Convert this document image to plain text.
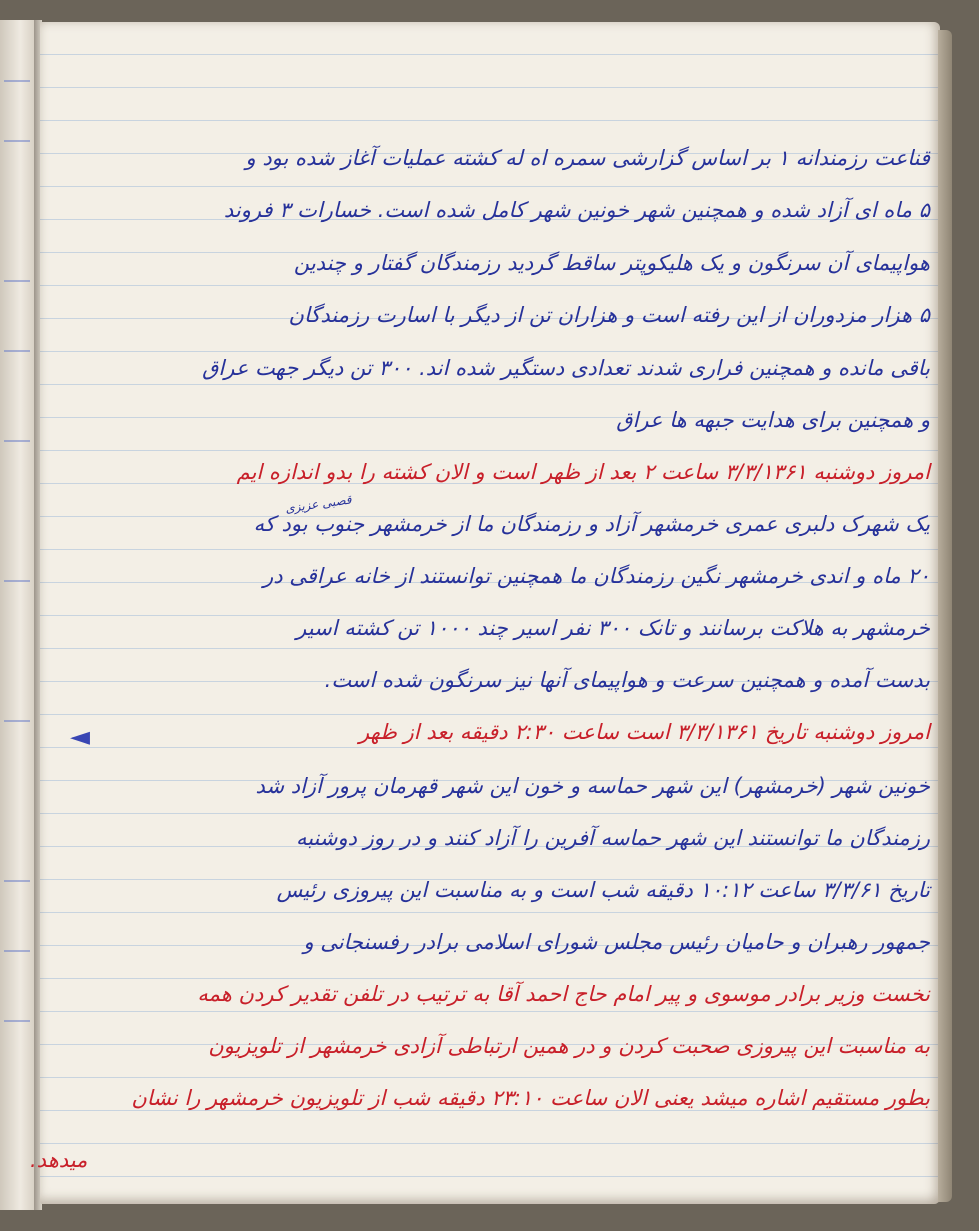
قصبی عزیزی
◄
قناعت رزمندانه ۱ بر اساس گزارشی سمره اه له کشته عملیات آغاز شده بود و
۵ ماه ای آزاد شده و همچنین شهر خونین شهر کامل شده است. خسارات ۳ فروند
هواپیمای آن سرنگون و یک هلیکوپتر ساقط گردید رزمندگان گفتار و چندین
۵ هزار مزدوران از این رفته است و هزاران تن از دیگر با اسارت رزمندگان
باقی مانده و همچنین فراری شدند تعدادی دستگیر شده اند. ۳۰۰ تن دیگر جهت عراق
و همچنین برای هدایت جبهه ها عراق
امروز دوشنبه ۳/۳/۱۳۶۱ ساعت ۲ بعد از ظهر است و الان کشته را بدو اندازه ایم
یک شهرک دلبری عمری خرمشهر آزاد و رزمندگان ما از خرمشهر جنوب بود که
۲۰ ماه و اندی خرمشهر نگین رزمندگان ما همچنین توانستند از خانه عراقی در
خرمشهر به هلاکت برسانند و تانک ۳۰۰ نفر اسیر چند ۱۰۰۰ تن کشته اسیر
بدست آمده و همچنین سرعت و هواپیمای آنها نیز سرنگون شده است.
امروز دوشنبه تاریخ ۳/۳/۱۳۶۱ است ساعت ۲:۳۰ دقیقه بعد از ظهر
خونین شهر (خرمشهر) این شهر حماسه و خون این شهر قهرمان پرور آزاد شد
رزمندگان ما توانستند این شهر حماسه آفرین را آزاد کنند و در روز دوشنبه
تاریخ ۳/۳/۶۱ ساعت ۱۰:۱۲ دقیقه شب است و به مناسبت این پیروزی رئیس
جمهور رهبران و حامیان رئیس مجلس شورای اسلامی برادر رفسنجانی و
نخست وزیر برادر موسوی و پیر امام حاج احمد آقا به ترتیب در تلفن تقدیر کردن همه
به مناسبت این پیروزی صحبت کردن و در همین ارتباطی آزادی خرمشهر از تلویزیون
بطور مستقیم اشاره میشد یعنی الان ساعت ۲۳:۱۰ دقیقه شب از تلویزیون خرمشهر را نشان
میدهد.
